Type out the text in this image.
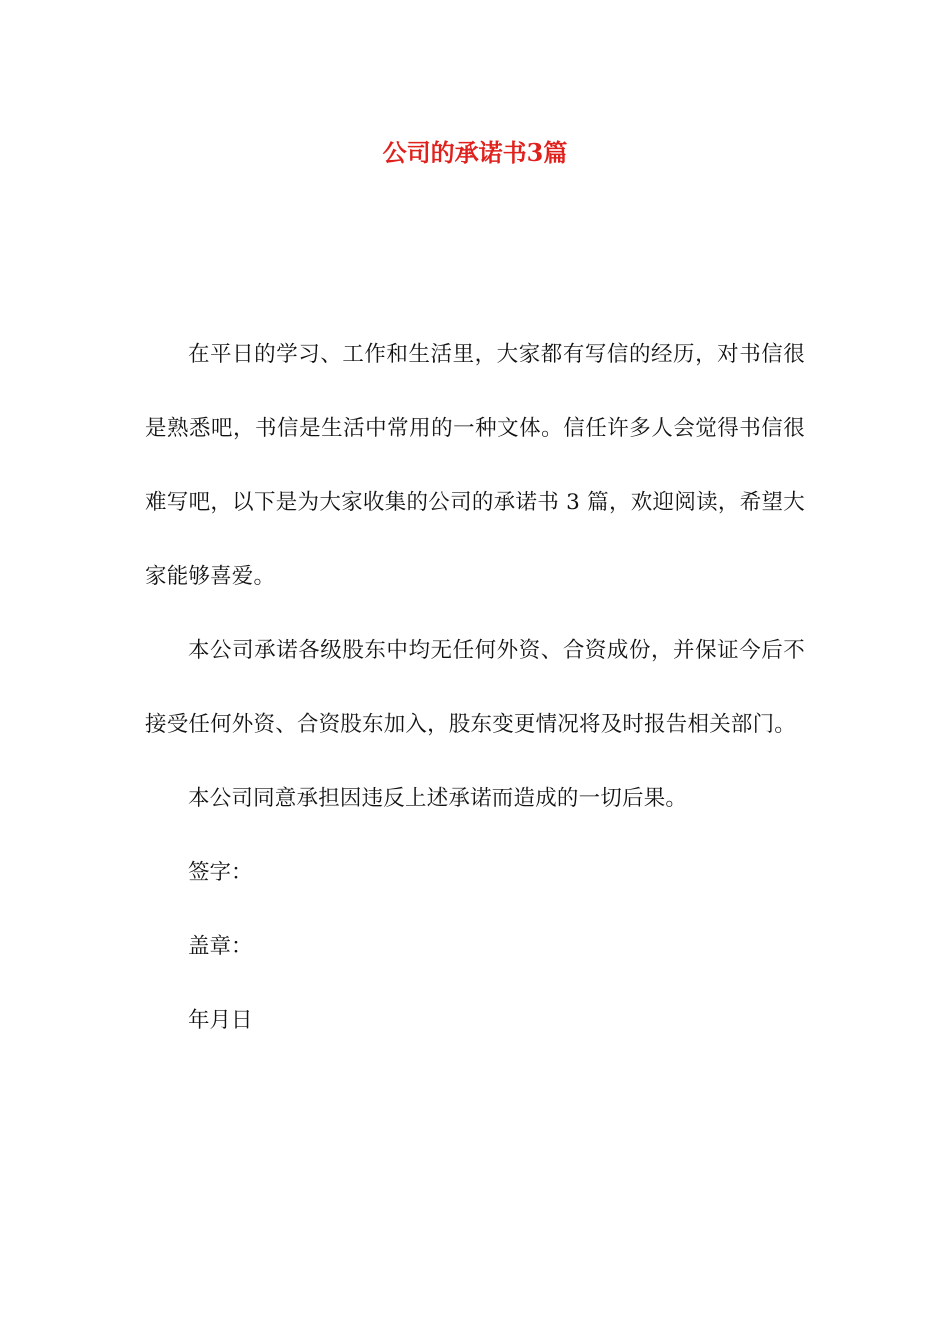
公司的承诺书3篇

在平日的学习、工作和生活里，大家都有写信的经历，对书信很是熟悉吧，书信是生活中常用的一种文体。信任许多人会觉得书信很难写吧，以下是为大家收集的公司的承诺书 3 篇，欢迎阅读，希望大家能够喜爱。

本公司承诺各级股东中均无任何外资、合资成份，并保证今后不接受任何外资、合资股东加入，股东变更情况将及时报告相关部门。

本公司同意承担因违反上述承诺而造成的一切后果。

签字：

盖章：

年月日
